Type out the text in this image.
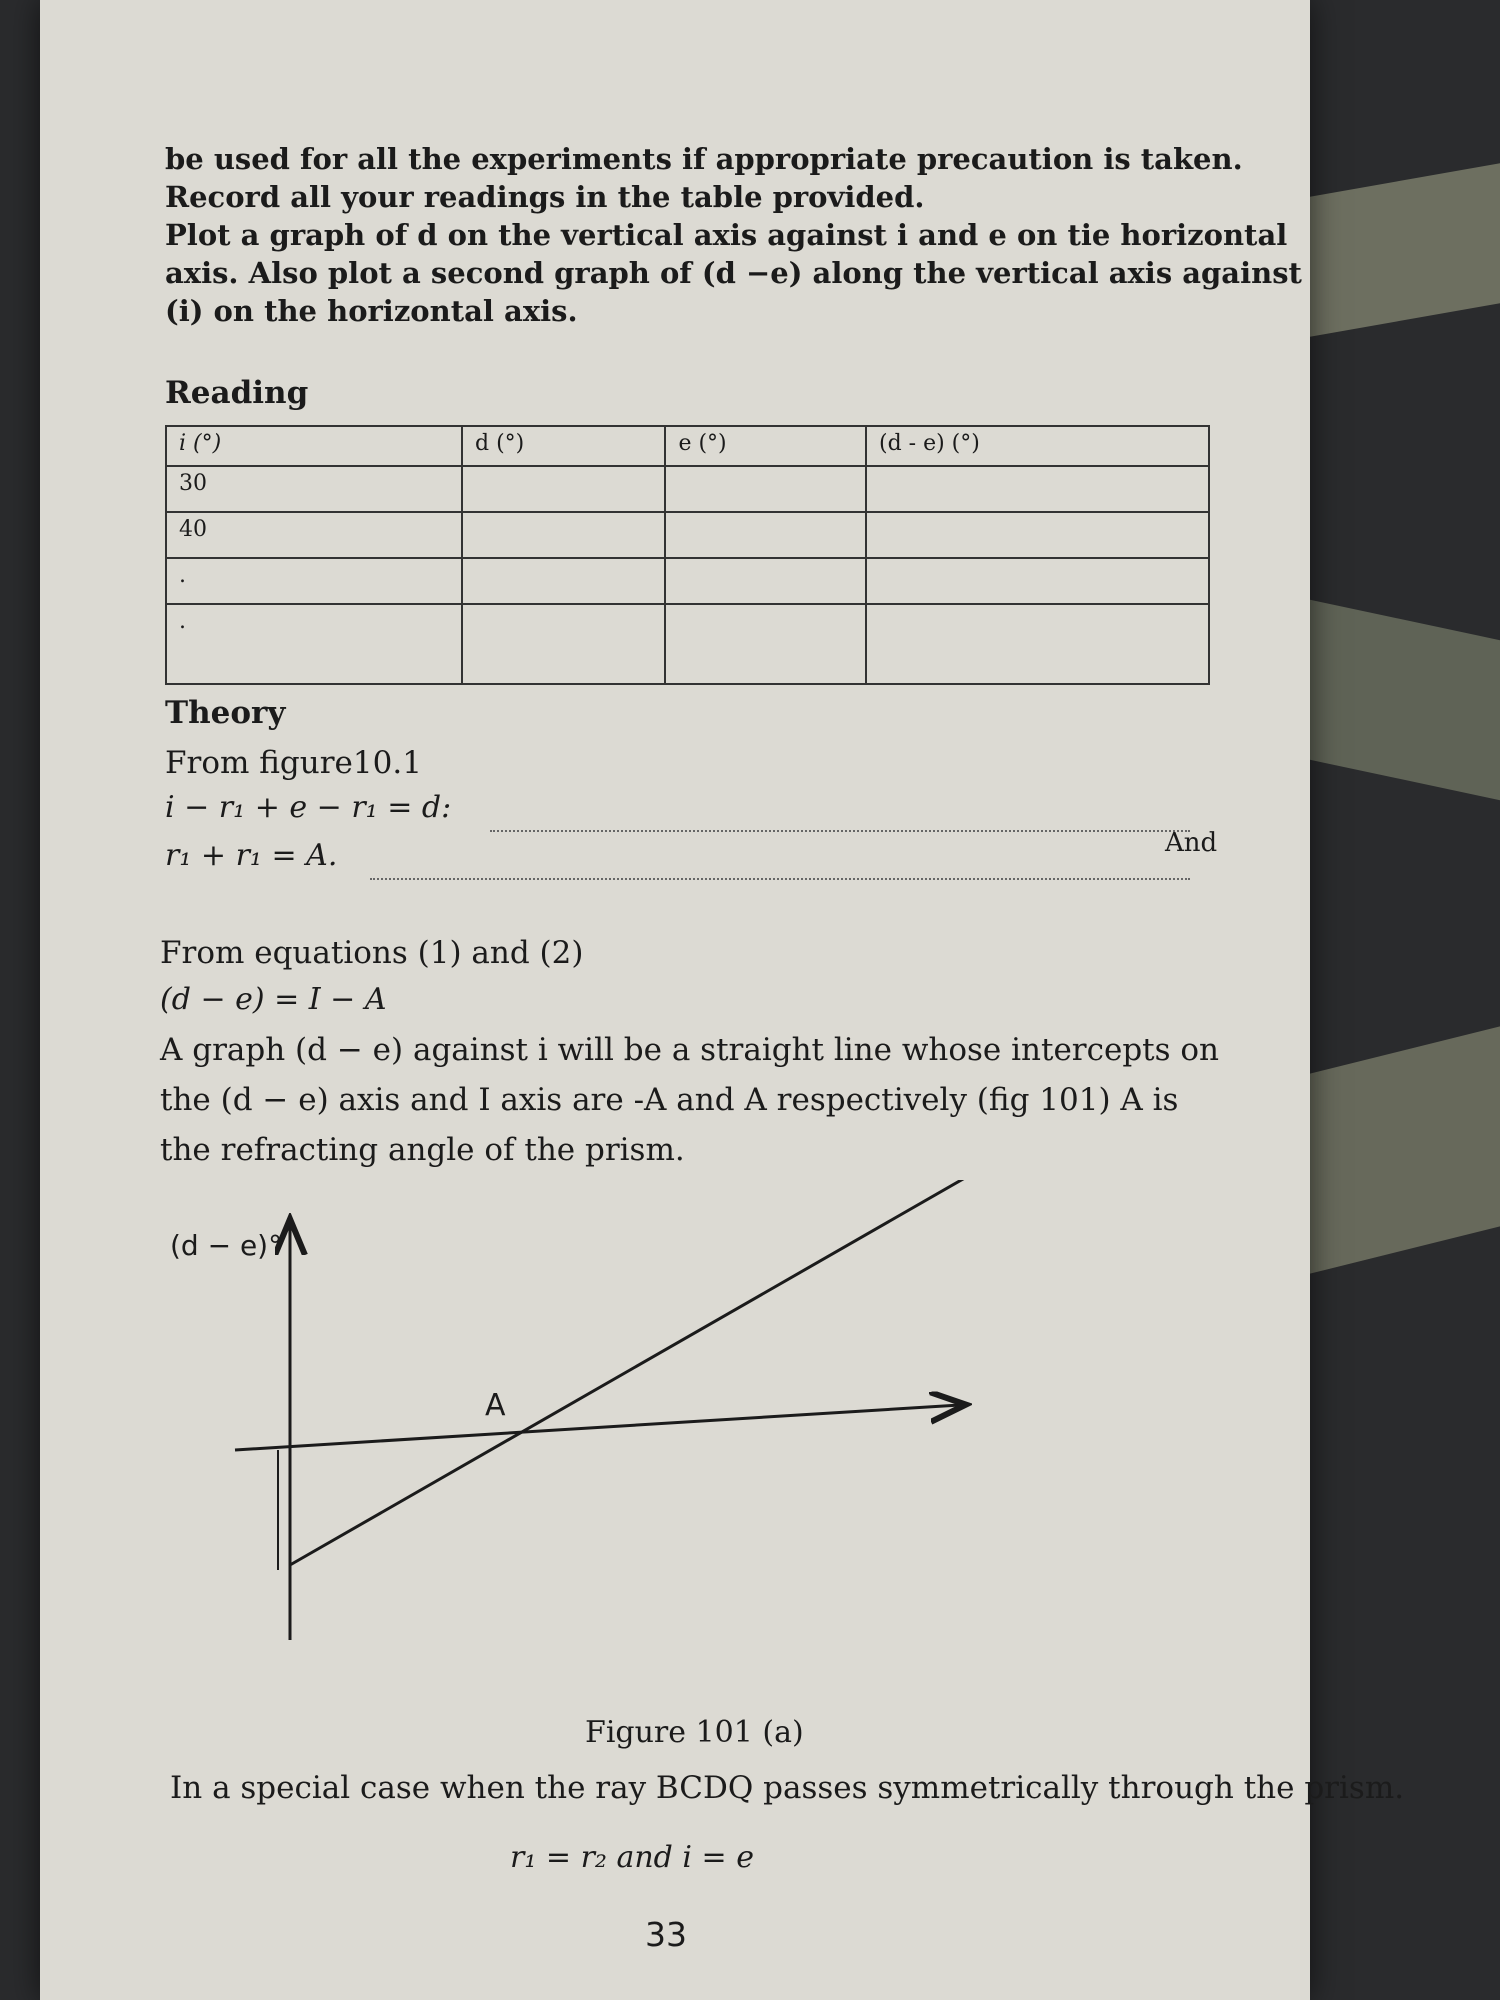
be used for all the experiments if appropriate precaution is taken.
Record all your readings in the table provided.
Plot a graph of d on the vertical axis against i and e on tie horizontal
axis. Also plot a second graph of (d −e) along the vertical axis against
(i) on the horizontal axis.
Reading
i (°)	d (°)	e (°)	(d - e) (°)
30			
40			
.			
.			
Theory
From figure10.1
i − r₁ + e − r₁ = d:
r₁ + r₁ = A.	And
From equations (1) and (2)
(d − e) = I − A
A graph (d − e) against i will be a straight line whose intercepts on
the (d − e) axis and I axis are -A and A respectively (fig 101) A is
the refracting angle of the prism.
(d − e)°
A
Figure 101 (a)
In a special case when the ray BCDQ passes symmetrically through the prism.
r₁ = r₂ and i = e
33
